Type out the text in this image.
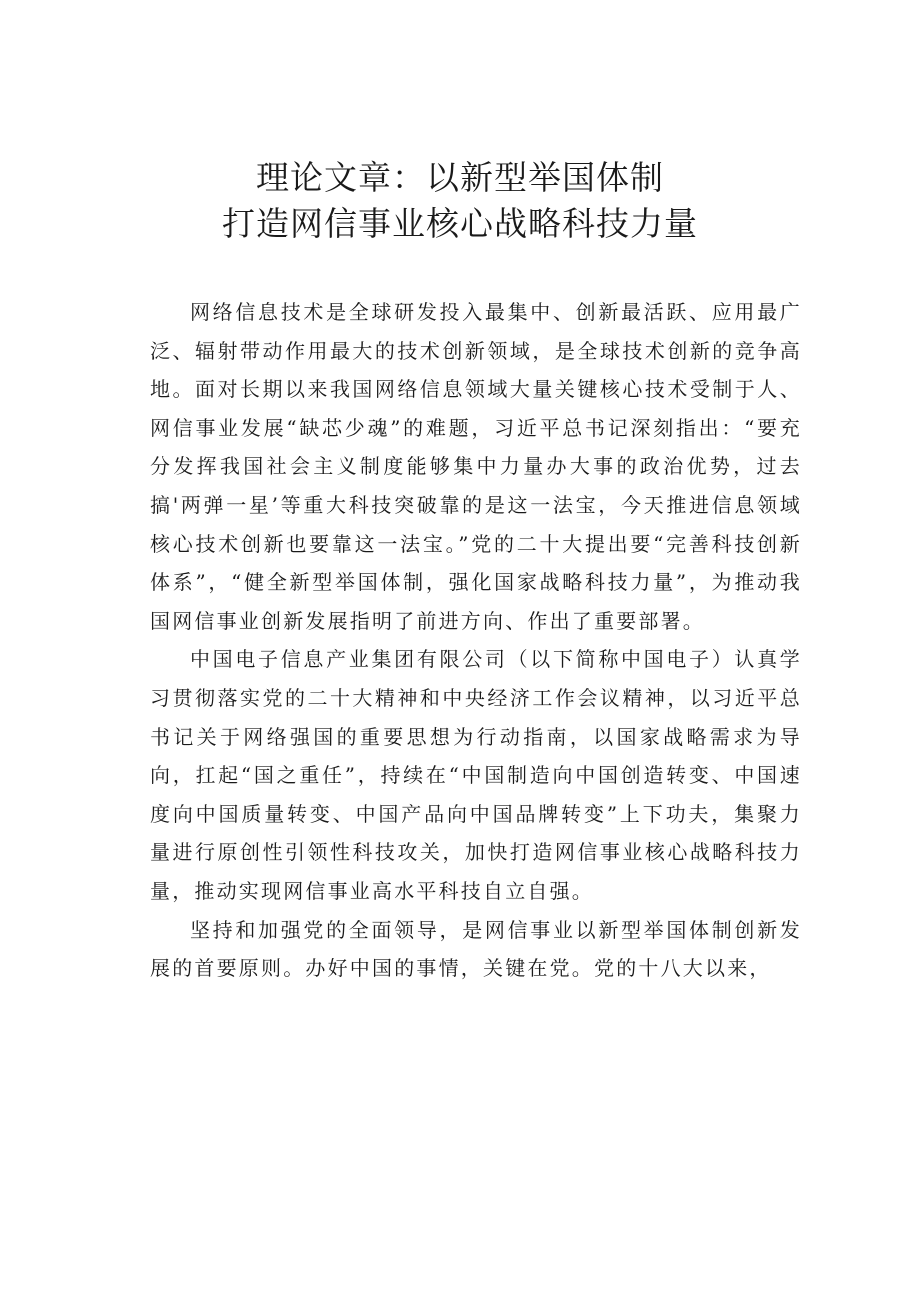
理论文章：以新型举国体制
打造网信事业核心战略科技力量

网络信息技术是全球研发投入最集中、创新最活跃、应用最广泛、辐射带动作用最大的技术创新领域，是全球技术创新的竞争高地。面对长期以来我国网络信息领域大量关键核心技术受制于人、网信事业发展“缺芯少魂”的难题，习近平总书记深刻指出：“要充分发挥我国社会主义制度能够集中力量办大事的政治优势，过去搞'两弹一星’等重大科技突破靠的是这一法宝，今天推进信息领域核心技术创新也要靠这一法宝。”党的二十大提出要“完善科技创新体系”，“健全新型举国体制，强化国家战略科技力量”，为推动我国网信事业创新发展指明了前进方向、作出了重要部署。

中国电子信息产业集团有限公司（以下简称中国电子）认真学习贯彻落实党的二十大精神和中央经济工作会议精神，以习近平总书记关于网络强国的重要思想为行动指南，以国家战略需求为导向，扛起“国之重任”，持续在“中国制造向中国创造转变、中国速度向中国质量转变、中国产品向中国品牌转变”上下功夫，集聚力量进行原创性引领性科技攻关，加快打造网信事业核心战略科技力量，推动实现网信事业高水平科技自立自强。

坚持和加强党的全面领导，是网信事业以新型举国体制创新发展的首要原则。办好中国的事情，关键在党。党的十八大以来，
